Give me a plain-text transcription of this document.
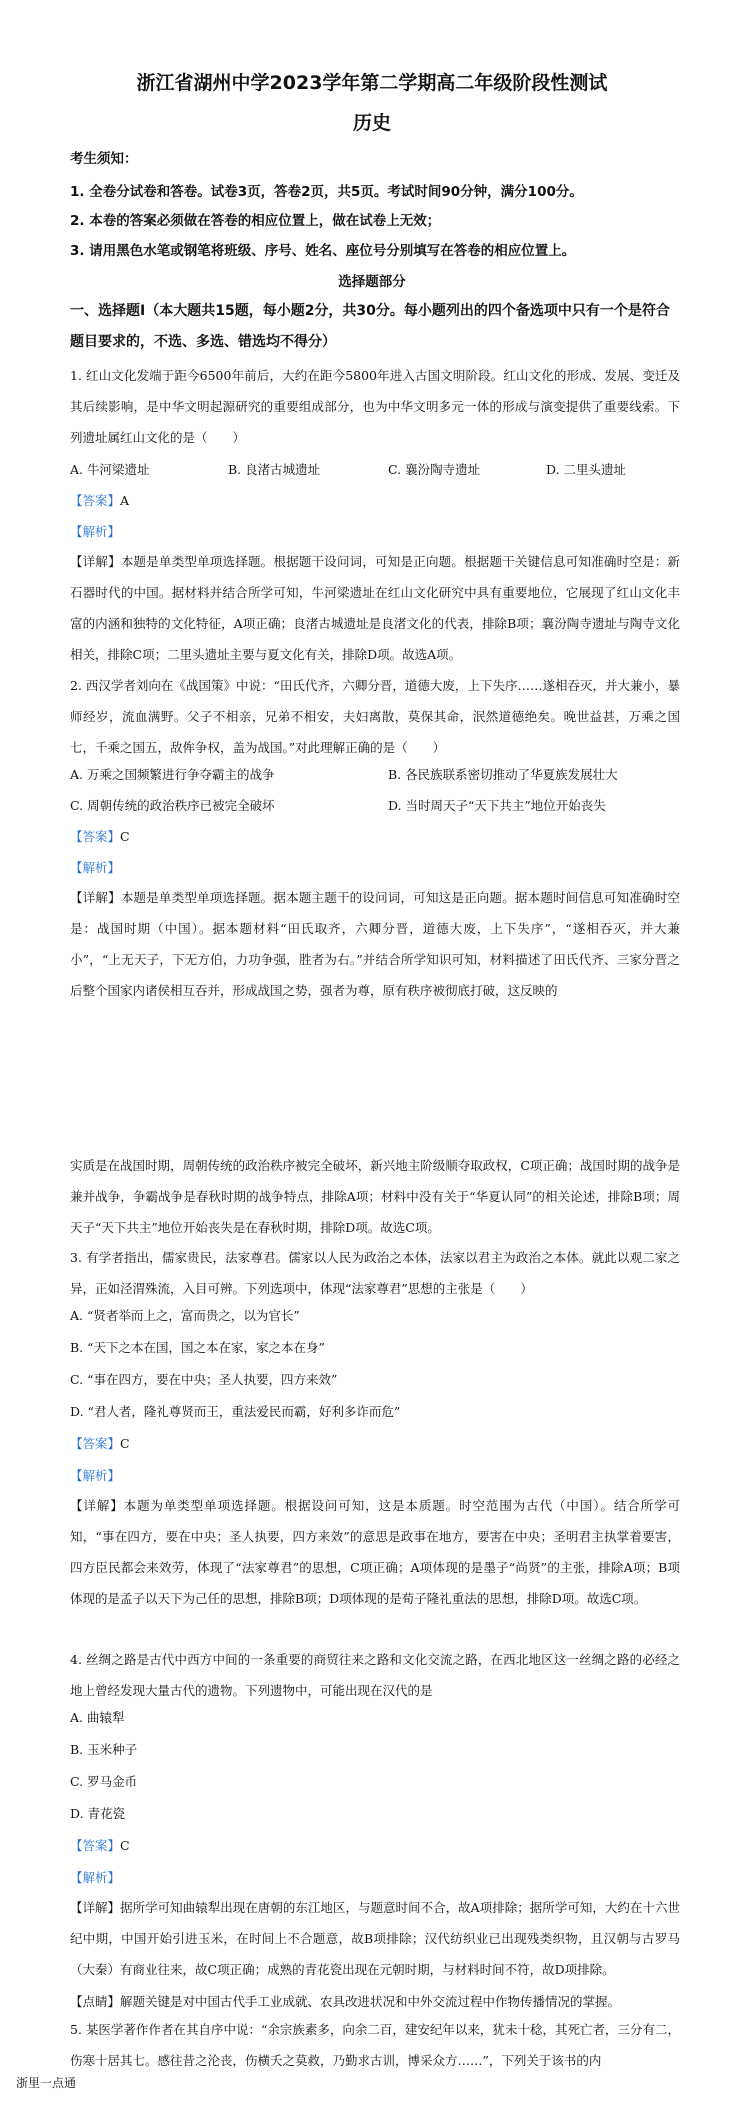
浙江省湖州中学2023学年第二学期高二年级阶段性测试
历史
考生须知：
1. 全卷分试卷和答卷。试卷3页，答卷2页，共5页。考试时间90分钟，满分100分。
2. 本卷的答案必须做在答卷的相应位置上，做在试卷上无效；
3. 请用黑色水笔或钢笔将班级、序号、姓名、座位号分别填写在答卷的相应位置上。
选择题部分
一、选择题Ⅰ（本大题共15题，每小题2分，共30分。每小题列出的四个备选项中只有一个是符合题目要求的，不选、多选、错选均不得分）
1. 红山文化发端于距今6500年前后，大约在距今5800年进入古国文明阶段。红山文化的形成、发展、变迁及其后续影响，是中华文明起源研究的重要组成部分，也为中华文明多元一体的形成与演变提供了重要线索。下列遗址属红山文化的是（　　）
A. 牛河梁遗址	B. 良渚古城遗址	C. 襄汾陶寺遗址	D. 二里头遗址
【答案】A
【解析】
【详解】本题是单类型单项选择题。根据题干设问词，可知是正向题。根据题干关键信息可知准确时空是：新石器时代的中国。据材料并结合所学可知，牛河梁遗址在红山文化研究中具有重要地位，它展现了红山文化丰富的内涵和独特的文化特征，A项正确；良渚古城遗址是良渚文化的代表，排除B项；襄汾陶寺遗址与陶寺文化相关，排除C项；二里头遗址主要与夏文化有关，排除D项。故选A项。
2. 西汉学者刘向在《战国策》中说：“田氏代齐，六卿分晋，道德大废，上下失序……遂相吞灭，并大兼小，暴师经岁，流血满野。父子不相亲，兄弟不相安，夫妇离散，莫保其命，泯然道德绝矣。晚世益甚，万乘之国七，千乘之国五，敌侔争权，盖为战国。”对此理解正确的是（　　）
A. 万乘之国频繁进行争夺霸主的战争	B. 各民族联系密切推动了华夏族发展壮大
C. 周朝传统的政治秩序已被完全破坏	D. 当时周天子“天下共主”地位开始丧失
【答案】C
【解析】
【详解】本题是单类型单项选择题。据本题主题干的设问词，可知这是正向题。据本题时间信息可知准确时空是：战国时期（中国）。据本题材料“田氏取齐，六卿分晋，道德大废，上下失序”，“遂相吞灭，并大兼小”，“上无天子，下无方伯，力功争强，胜者为右。”并结合所学知识可知，材料描述了田氏代齐、三家分晋之后整个国家内诸侯相互吞并，形成战国之势，强者为尊，原有秩序被彻底打破，这反映的
实质是在战国时期，周朝传统的政治秩序被完全破坏，新兴地主阶级顺夺取政权，C项正确；战国时期的战争是兼并战争，争霸战争是春秋时期的战争特点，排除A项；材料中没有关于“华夏认同”的相关论述，排除B项；周天子“天下共主”地位开始丧失是在春秋时期，排除D项。故选C项。
3. 有学者指出，儒家贵民，法家尊君。儒家以人民为政治之本体，法家以君主为政治之本体。就此以观二家之异，正如泾渭殊流，入目可辨。下列选项中，体现“法家尊君”思想的主张是（　　）
A. “贤者举而上之，富而贵之，以为官长”
B. “天下之本在国，国之本在家，家之本在身”
C. “事在四方，要在中央；圣人执要，四方来效”
D. “君人者，隆礼尊贤而王，重法爱民而霸，好利多诈而危”
【答案】C
【解析】
【详解】本题为单类型单项选择题。根据设问可知，这是本质题。时空范围为古代（中国）。结合所学可知，“事在四方，要在中央；圣人执要，四方来效”的意思是政事在地方，要害在中央；圣明君主执掌着要害，四方臣民都会来效劳，体现了“法家尊君”的思想，C项正确；A项体现的是墨子“尚贤”的主张，排除A项；B项体现的是孟子以天下为己任的思想，排除B项；D项体现的是荀子隆礼重法的思想，排除D项。故选C项。
4. 丝绸之路是古代中西方中间的一条重要的商贸往来之路和文化交流之路，在西北地区这一丝绸之路的必经之地上曾经发现大量古代的遗物。下列遗物中，可能出现在汉代的是
A. 曲辕犁
B. 玉米种子
C. 罗马金币
D. 青花瓷
【答案】C
【解析】
【详解】据所学可知曲辕犁出现在唐朝的东江地区，与题意时间不合，故A项排除；据所学可知，大约在十六世纪中期，中国开始引进玉米，在时间上不合题意，故B项排除；汉代纺织业已出现残类织物，且汉朝与古罗马（大秦）有商业往来，故C项正确；成熟的青花瓷出现在元朝时期，与材料时间不符，故D项排除。
【点睛】解题关键是对中国古代手工业成就、农具改进状况和中外交流过程中作物传播情况的掌握。
5. 某医学著作作者在其自序中说：“余宗族素多，向余二百，建安纪年以来，犹未十稔，其死亡者，三分有二，伤寒十居其七。感往昔之沦丧，伤横夭之莫救，乃勤求古训，博采众方……”，下列关于该书的内
浙里一点通
